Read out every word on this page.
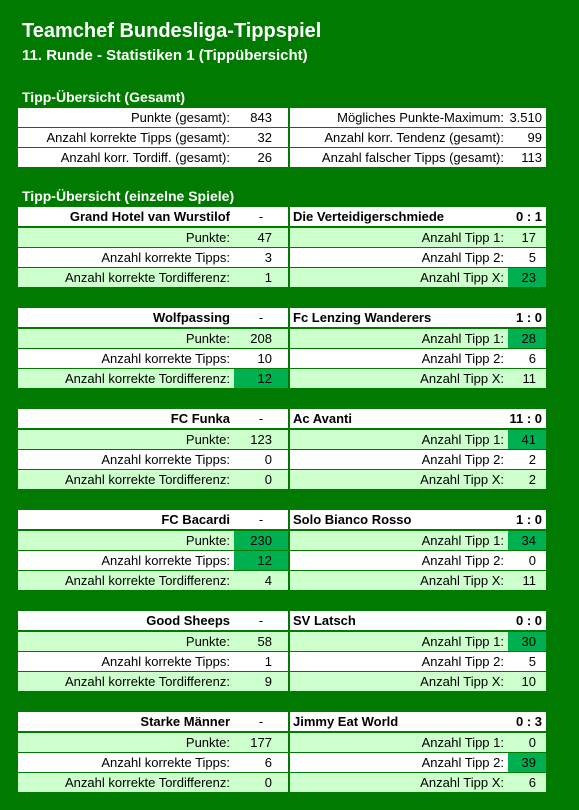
Teamchef Bundesliga-Tippspiel
11. Runde - Statistiken 1 (Tippübersicht)
Tipp-Übersicht (Gesamt)
Punkte (gesamt):	843	Mögliches Punkte-Maximum: 3.510
Anzahl korrekte Tipps (gesamt):	32	Anzahl korr. Tendenz (gesamt):	99
Anzahl korr. Tordiff. (gesamt):	26	Anzahl falscher Tipps (gesamt):	113
Tipp-Übersicht (einzelne Spiele)
Grand Hotel van Wurstilof	-	Die Verteidigerschmiede	0 : 1
Punkte:	47	Anzahl Tipp 1:	17
Anzahl korrekte Tipps:	3	Anzahl Tipp 2:	5
Anzahl korrekte Tordifferenz:	1	Anzahl Tipp X:	23
Wolfpassing	-	Fc Lenzing Wanderers	1 : 0
Punkte:	208	Anzahl Tipp 1:	28
Anzahl korrekte Tipps:	10	Anzahl Tipp 2:	6
Anzahl korrekte Tordifferenz:	12	Anzahl Tipp X:	11
FC Funka	-	Ac Avanti	11 : 0
Punkte:	123	Anzahl Tipp 1:	41
Anzahl korrekte Tipps:	0	Anzahl Tipp 2:	2
Anzahl korrekte Tordifferenz:	0	Anzahl Tipp X:	2
FC Bacardi	-	Solo Bianco Rosso	1 : 0
Punkte:	230	Anzahl Tipp 1:	34
Anzahl korrekte Tipps:	12	Anzahl Tipp 2:	0
Anzahl korrekte Tordifferenz:	4	Anzahl Tipp X:	11
Good Sheeps	-	SV Latsch	0 : 0
Punkte:	58	Anzahl Tipp 1:	30
Anzahl korrekte Tipps:	1	Anzahl Tipp 2:	5
Anzahl korrekte Tordifferenz:	9	Anzahl Tipp X:	10
Starke Männer	-	Jimmy Eat World	0 : 3
Punkte:	177	Anzahl Tipp 1:	0
Anzahl korrekte Tipps:	6	Anzahl Tipp 2:	39
Anzahl korrekte Tordifferenz:	0	Anzahl Tipp X:	6
